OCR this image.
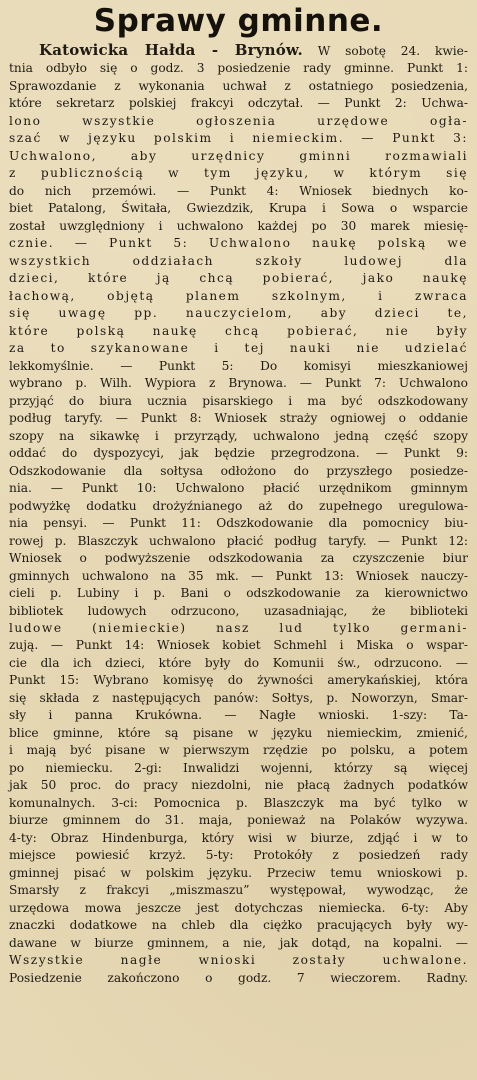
Sprawy gminne.
Katowicka Hałda - Brynów. W sobotę 24. kwie-
tnia odbyło się o godz. 3 posiedzenie rady gminne. Punkt 1:
Sprawozdanie z wykonania uchwał z ostatniego posiedzenia,
które sekretarz polskiej frakcyi odczytał. — Punkt 2: Uchwa-
lono wszystkie ogłoszenia urzędowe ogła-
szać w języku polskim i niemieckim. — Punkt 3:
Uchwalono, aby urzędnicy gminni rozmawiali
z publicznością w tym języku, w którym się
do nich przemówi. — Punkt 4: Wniosek biednych ko-
biet Patalong, Świtała, Gwiezdzik, Krupa i Sowa o wsparcie
został uwzględniony i uchwalono każdej po 30 marek miesię-
cznie. — Punkt 5: Uchwalono naukę polską we
wszystkich oddziałach szkoły ludowej dla
dzieci, które ją chcą pobierać, jako naukę
łachową, objętą planem szkolnym, i zwraca
się uwagę pp. nauczycielom, aby dzieci te,
które polską naukę chcą pobierać, nie były
za to szykanowane i tej nauki nie udzielać
lekkomyślnie. — Punkt 5: Do komisyi mieszkaniowej
wybrano p. Wilh. Wypiora z Brynowa. — Punkt 7: Uchwalono
przyjąć do biura ucznia pisarskiego i ma być odszkodowany
podług taryfy. — Punkt 8: Wniosek straży ogniowej o oddanie
szopy na sikawkę i przyrządy, uchwalono jedną część szopy
oddać do dyspozycyi, jak będzie przegrodzona. — Punkt 9:
Odszkodowanie dla sołtysa odłożono do przyszłego posiedze-
nia. — Punkt 10: Uchwalono płacić urzędnikom gminnym
podwyżkę dodatku drożyźnianego aż do zupełnego uregulowa-
nia pensyi. — Punkt 11: Odszkodowanie dla pomocnicy biu-
rowej p. Blaszczyk uchwalono płacić podług taryfy. — Punkt 12:
Wniosek o podwyższenie odszkodowania za czyszczenie biur
gminnych uchwalono na 35 mk. — Punkt 13: Wniosek nauczy-
cieli p. Lubiny i p. Bani o odszkodowanie za kierownictwo
bibliotek ludowych odrzucono, uzasadniając, że biblioteki
ludowe (niemieckie) nasz lud tylko germani-
zują. — Punkt 14: Wniosek kobiet Schmehl i Miska o wspar-
cie dla ich dzieci, które były do Komunii św., odrzucono. —
Punkt 15: Wybrano komisyę do żywności amerykańskiej, która
się składa z następujących panów: Sołtys, p. Noworzyn, Smar-
sły i panna Krukówna. — Nagłe wnioski. 1-szy: Ta-
blice gminne, które są pisane w języku niemieckim, zmienić,
i mają być pisane w pierwszym rzędzie po polsku, a potem
po niemiecku. 2-gi: Inwalidzi wojenni, którzy są więcej
jak 50 proc. do pracy niezdolni, nie płacą żadnych podatków
komunalnych. 3-ci: Pomocnica p. Blaszczyk ma być tylko w
biurze gminnem do 31. maja, ponieważ na Polaków wyzywa.
4-ty: Obraz Hindenburga, który wisi w biurze, zdjąć i w to
miejsce powiesić krzyż. 5-ty: Protokóły z posiedzeń rady
gminnej pisać w polskim języku. Przeciw temu wnioskowi p.
Smarsły z frakcyi „miszmaszu” występował, wywodząc, że
urzędowa mowa jeszcze jest dotychczas niemiecka. 6-ty: Aby
znaczki dodatkowe na chleb dla ciężko pracujących były wy-
dawane w biurze gminnem, a nie, jak dotąd, na kopalni. —
Wszystkie nagłe wnioski zostały uchwalone.
Posiedzenie zakończono o godz. 7 wieczorem. Radny.
